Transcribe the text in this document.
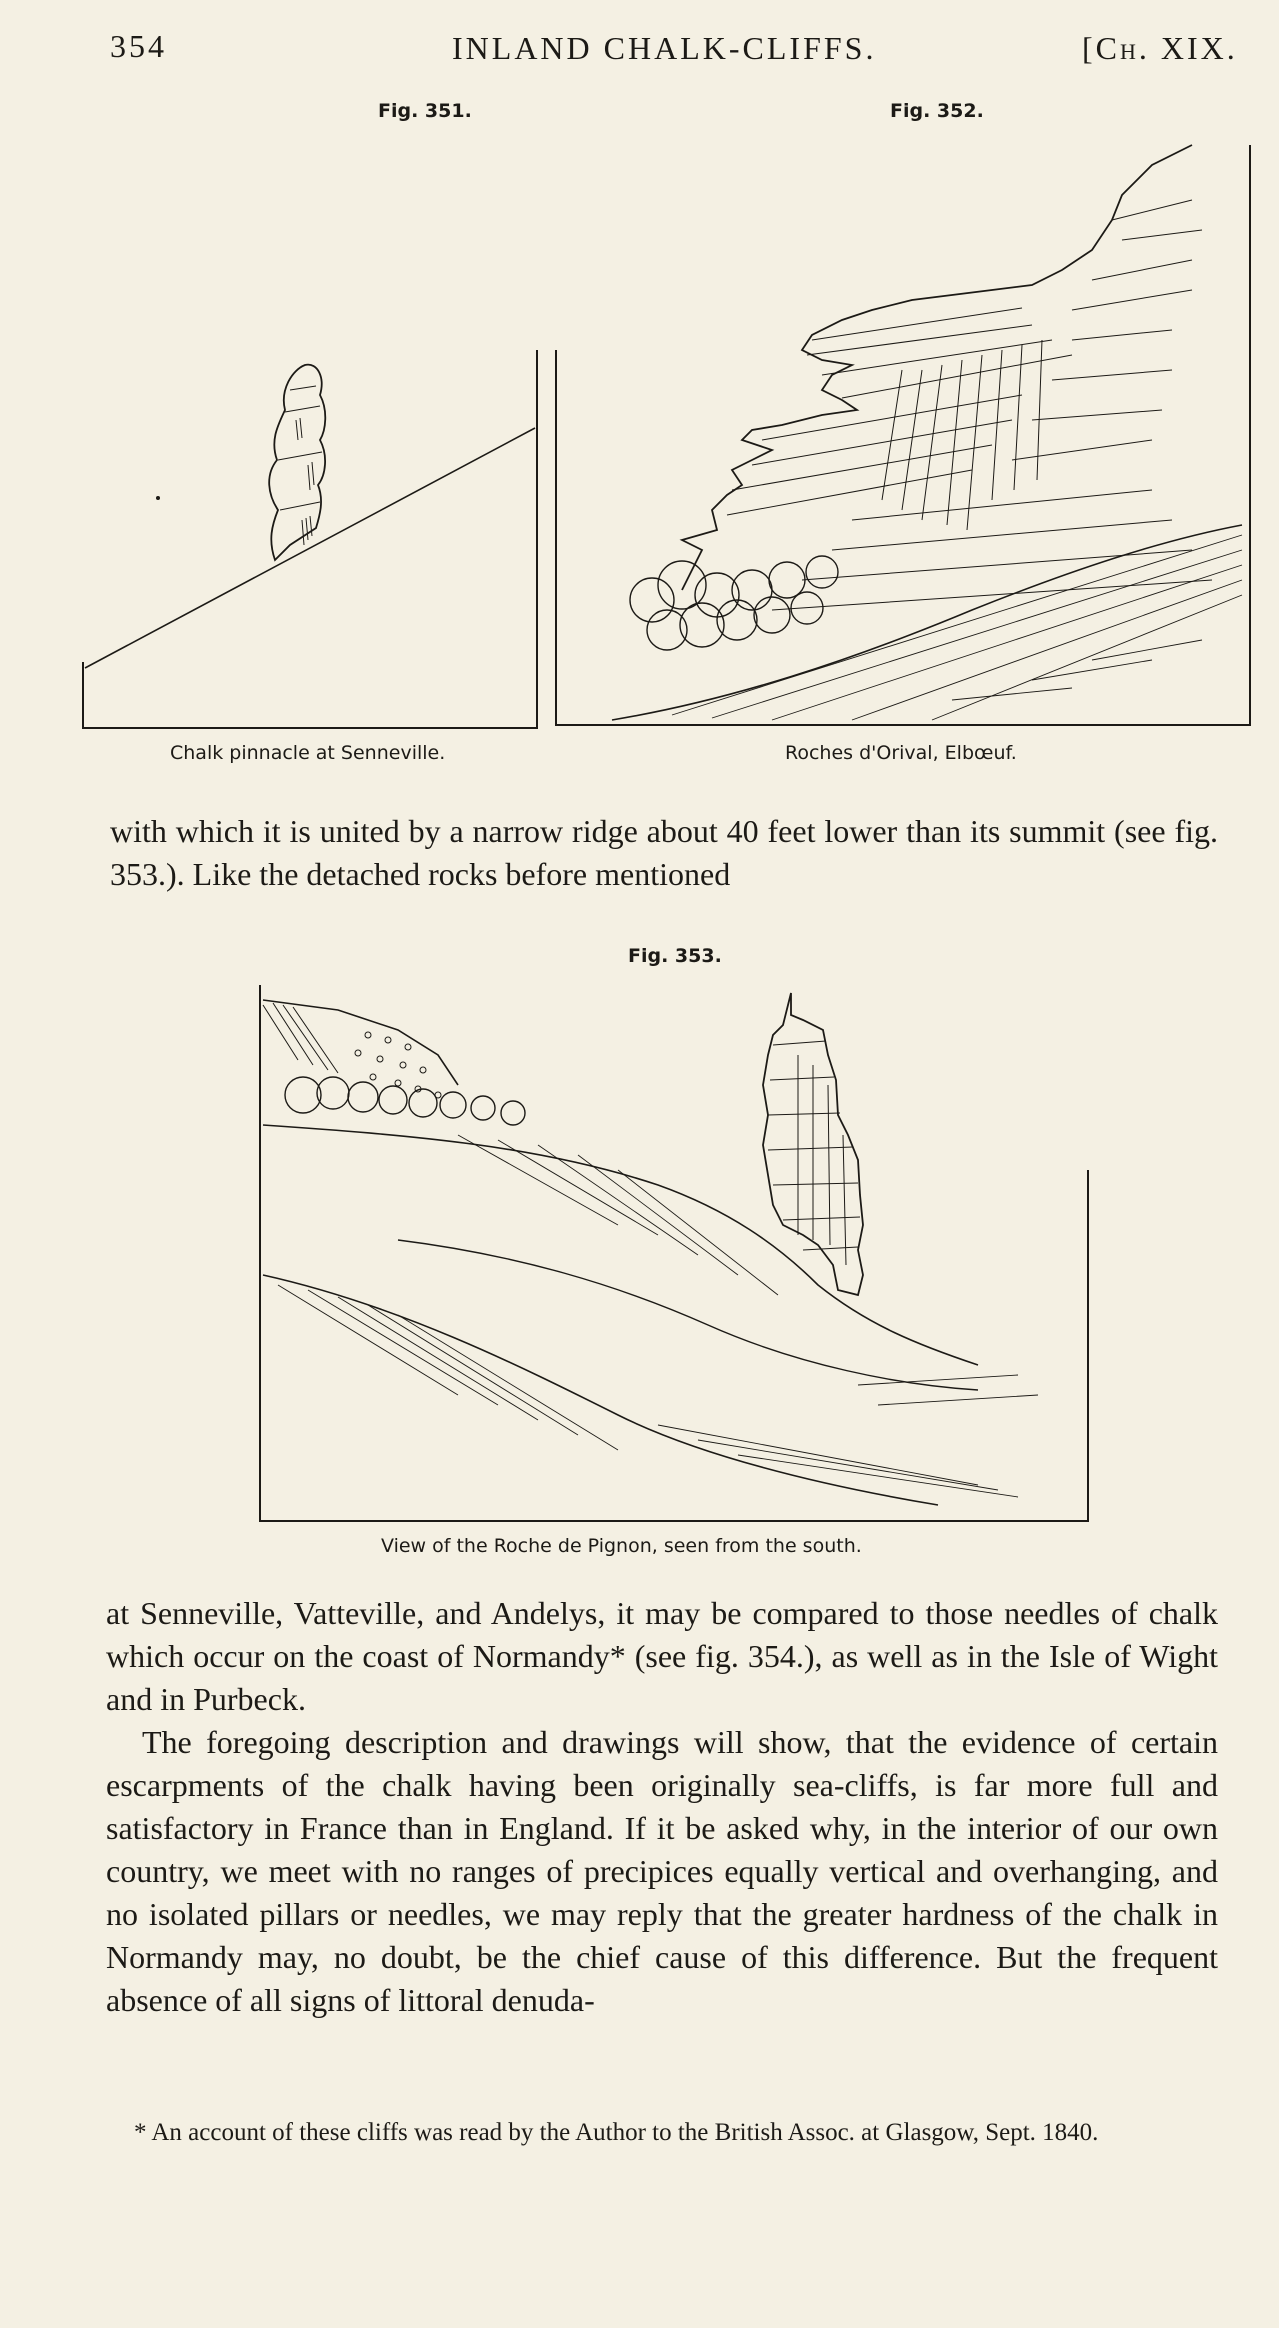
354	INLAND CHALK-CLIFFS.	[Ch. XIX.
Fig. 351.
Chalk pinnacle at Senneville.
Fig. 352.
Roches d'Orival, Elbœuf.

with which it is united by a narrow ridge about 40 feet lower than its summit (see fig. 353.). Like the detached rocks before mentioned

Fig. 353.
View of the Roche de Pignon, seen from the south.

at Senneville, Vatteville, and Andelys, it may be compared to those needles of chalk which occur on the coast of Normandy* (see fig. 354.), as well as in the Isle of Wight and in Purbeck.

The foregoing description and drawings will show, that the evidence of certain escarpments of the chalk having been originally sea-cliffs, is far more full and satisfactory in France than in England. If it be asked why, in the interior of our own country, we meet with no ranges of precipices equally vertical and overhanging, and no isolated pillars or needles, we may reply that the greater hardness of the chalk in Normandy may, no doubt, be the chief cause of this difference. But the frequent absence of all signs of littoral denuda-

* An account of these cliffs was read by the Author to the British Assoc. at Glasgow, Sept. 1840.
